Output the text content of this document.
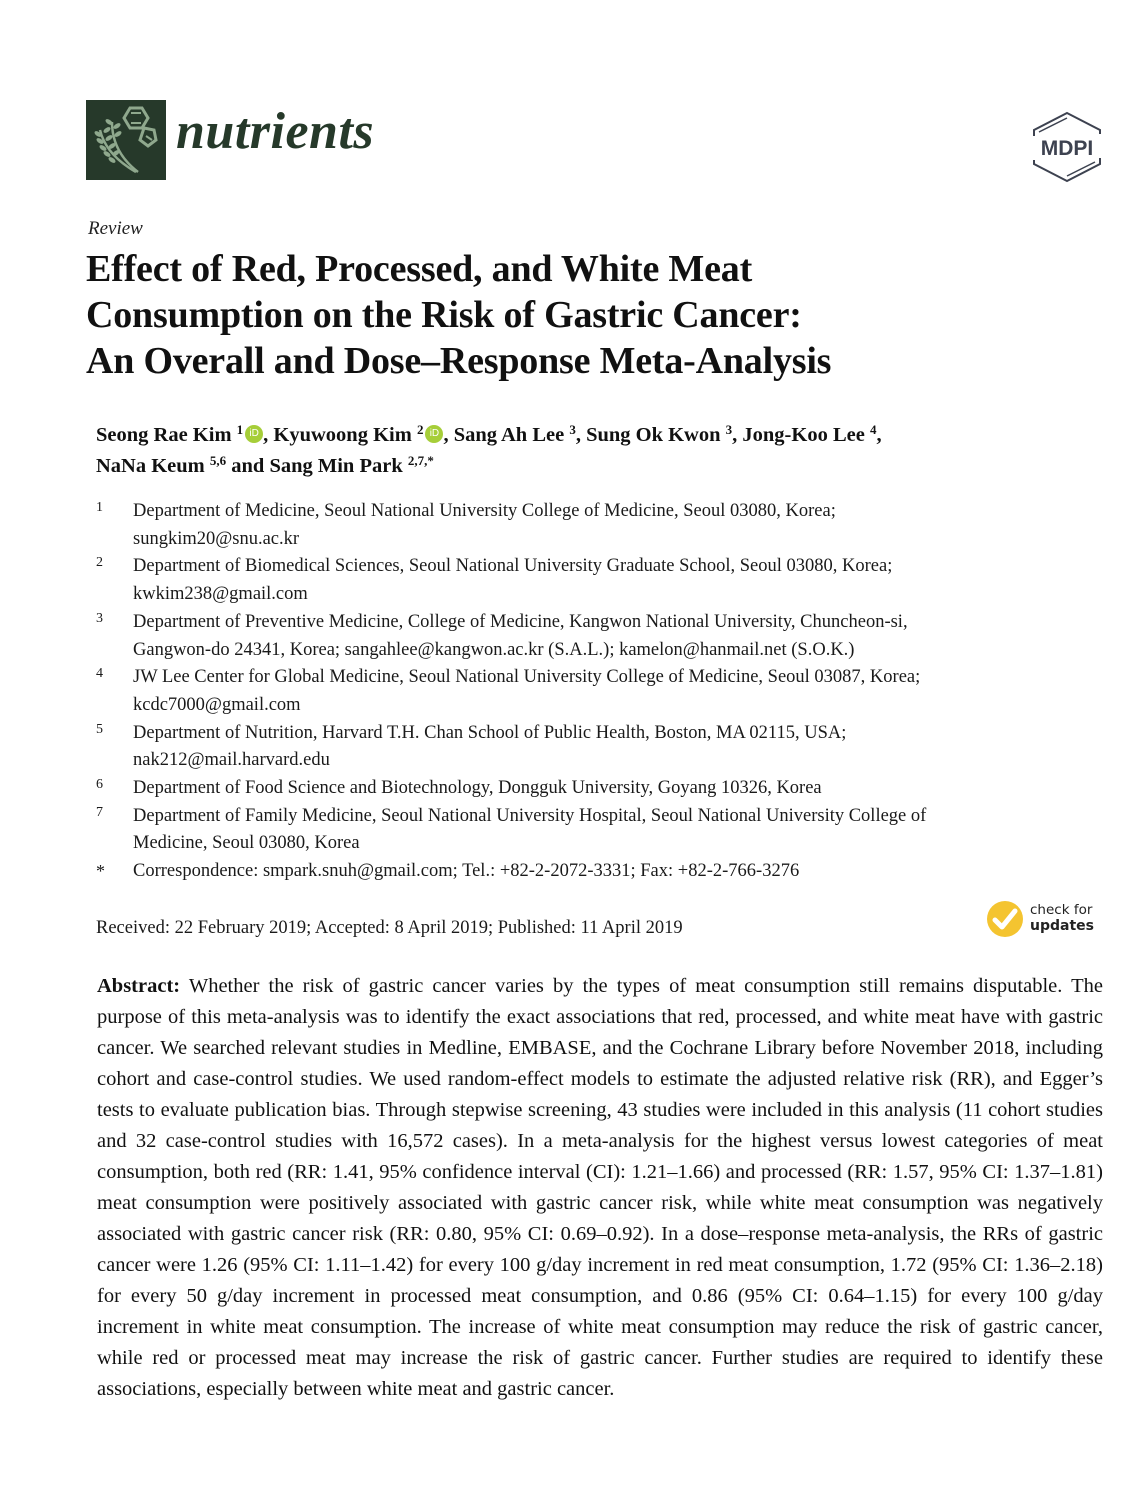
nutrients	MDPI
Review
Effect of Red, Processed, and White Meat
Consumption on the Risk of Gastric Cancer:
An Overall and Dose–Response Meta-Analysis
Seong Rae Kim $^1$ iD , Kyuwoong Kim $^2$ iD , Sang Ah Lee $^3$, Sung Ok Kwon $^3$, Jong-Koo Lee $^4$,
NaNa Keum $^{5,6}$ and Sang Min Park $^{2,7,*}$
1 Department of Medicine, Seoul National University College of Medicine, Seoul 03080, Korea;
sungkim20@snu.ac.kr
2 Department of Biomedical Sciences, Seoul National University Graduate School, Seoul 03080, Korea;
kwkim238@gmail.com
3 Department of Preventive Medicine, College of Medicine, Kangwon National University, Chuncheon-si,
Gangwon-do 24341, Korea; sangahlee@kangwon.ac.kr (S.A.L.); kamelon@hanmail.net (S.O.K.)
4 JW Lee Center for Global Medicine, Seoul National University College of Medicine, Seoul 03087, Korea;
kcdc7000@gmail.com
5 Department of Nutrition, Harvard T.H. Chan School of Public Health, Boston, MA 02115, USA;
nak212@mail.harvard.edu
6 Department of Food Science and Biotechnology, Dongguk University, Goyang 10326, Korea
7 Department of Family Medicine, Seoul National University Hospital, Seoul National University College of
Medicine, Seoul 03080, Korea
* Correspondence: smpark.snuh@gmail.com; Tel.: +82-2-2072-3331; Fax: +82-2-766-3276
Received: 22 February 2019; Accepted: 8 April 2019; Published: 11 April 2019
check for
updates
Abstract: Whether the risk of gastric cancer varies by the types of meat consumption still remains disputable. The purpose of this meta-analysis was to identify the exact associations that red, processed, and white meat have with gastric cancer. We searched relevant studies in Medline, EMBASE, and the Cochrane Library before November 2018, including cohort and case-control studies. We used random-effect models to estimate the adjusted relative risk (RR), and Egger’s tests to evaluate publication bias. Through stepwise screening, 43 studies were included in this analysis (11 cohort studies and 32 case-control studies with 16,572 cases). In a meta-analysis for the highest versus lowest categories of meat consumption, both red (RR: 1.41, 95% confidence interval (CI): 1.21–1.66) and processed (RR: 1.57, 95% CI: 1.37–1.81) meat consumption were positively associated with gastric cancer risk, while white meat consumption was negatively associated with gastric cancer risk (RR: 0.80, 95% CI: 0.69–0.92). In a dose–response meta-analysis, the RRs of gastric cancer were 1.26 (95% CI: 1.11–1.42) for every 100 g/day increment in red meat consumption, 1.72 (95% CI: 1.36–2.18) for every 50 g/day increment in processed meat consumption, and 0.86 (95% CI: 0.64–1.15) for every 100 g/day increment in white meat consumption. The increase of white meat consumption may reduce the risk of gastric cancer, while red or processed meat may increase the risk of gastric cancer. Further studies are required to identify these associations, especially between white meat and gastric cancer.
